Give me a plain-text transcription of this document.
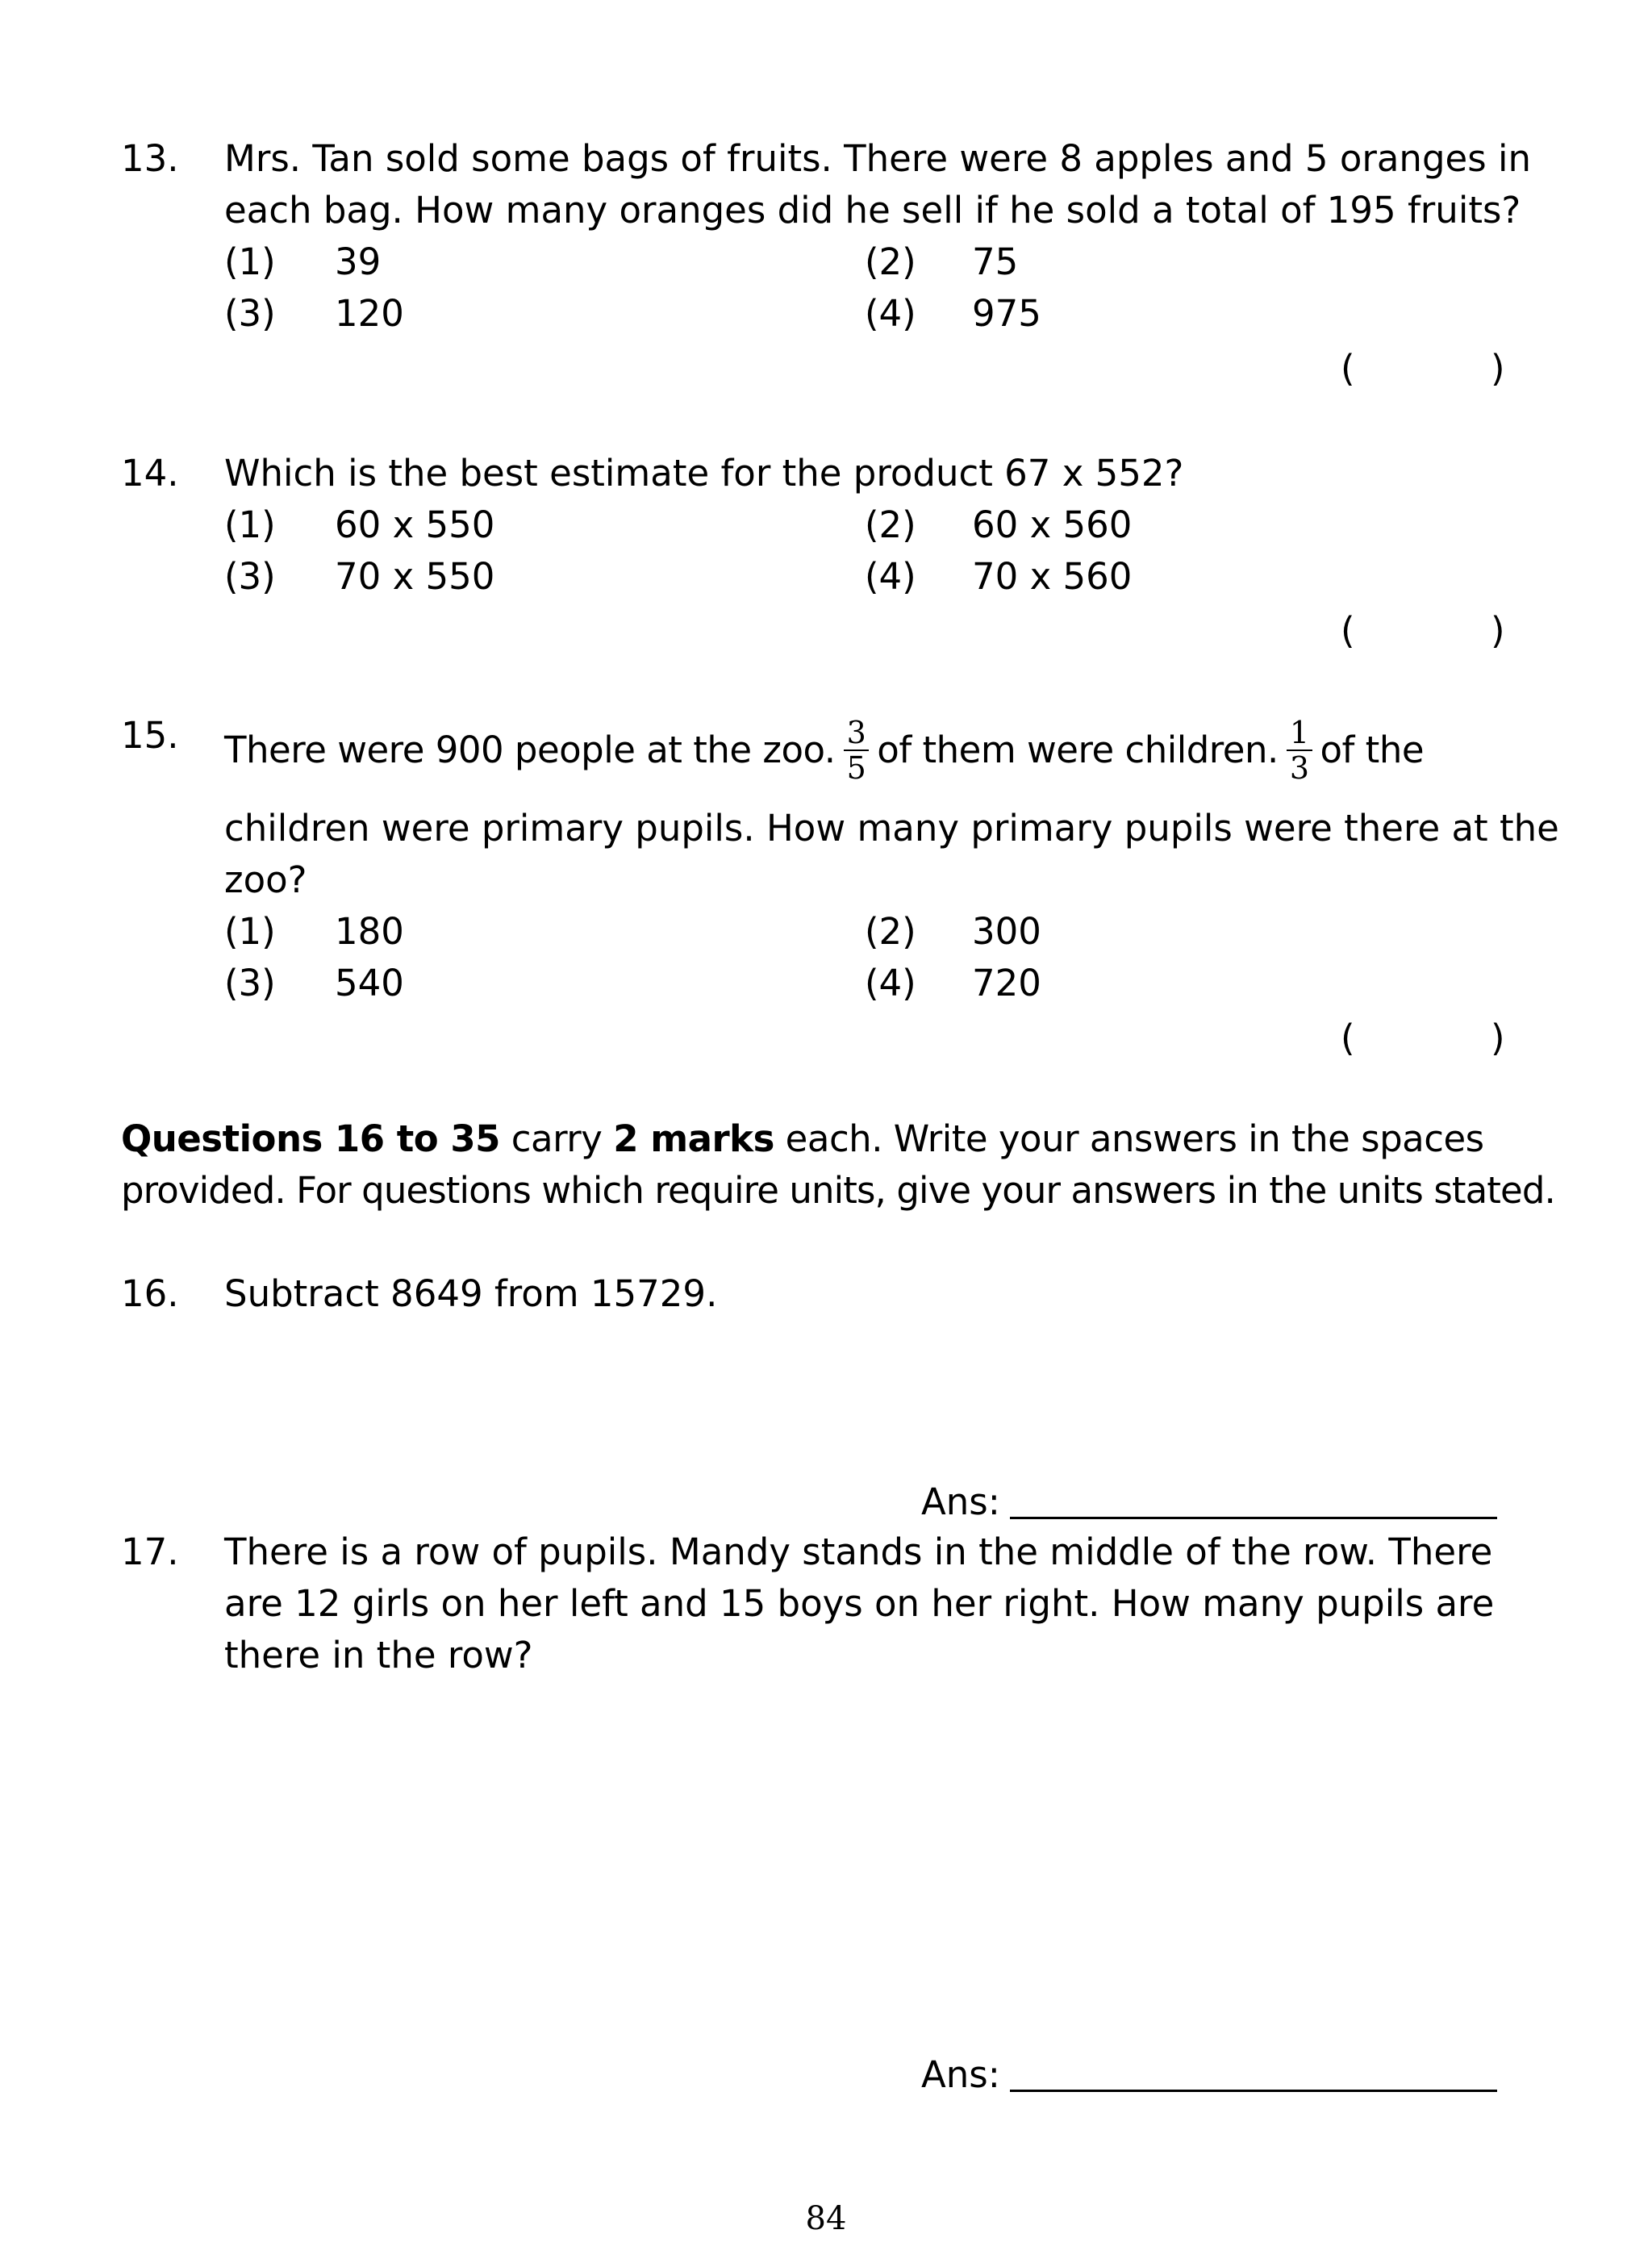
13. Mrs. Tan sold some bags of fruits. There were 8 apples and 5 oranges in
each bag. How many oranges did he sell if he sold a total of 195 fruits?
(1) 39	(2) 75
(3) 120	(4) 975
(	)
14. Which is the best estimate for the product 67 x 552?
(1) 60 x 550	(2) 60 x 560
(3) 70 x 550	(4) 70 x 560
(	)
15. There were 900 people at the zoo. $\frac{3}{5}$ of them were children. $\frac{1}{3}$ of the
children were primary pupils. How many primary pupils were there at the
zoo?
(1) 180	(2) 300
(3) 540	(4) 720
(	)
Questions 16 to 35 carry 2 marks each. Write your answers in the spaces
provided. For questions which require units, give your answers in the units stated.
16. Subtract 8649 from 15729.
Ans:
17. There is a row of pupils. Mandy stands in the middle of the row. There
are 12 girls on her left and 15 boys on her right. How many pupils are
there in the row?
Ans:
84
